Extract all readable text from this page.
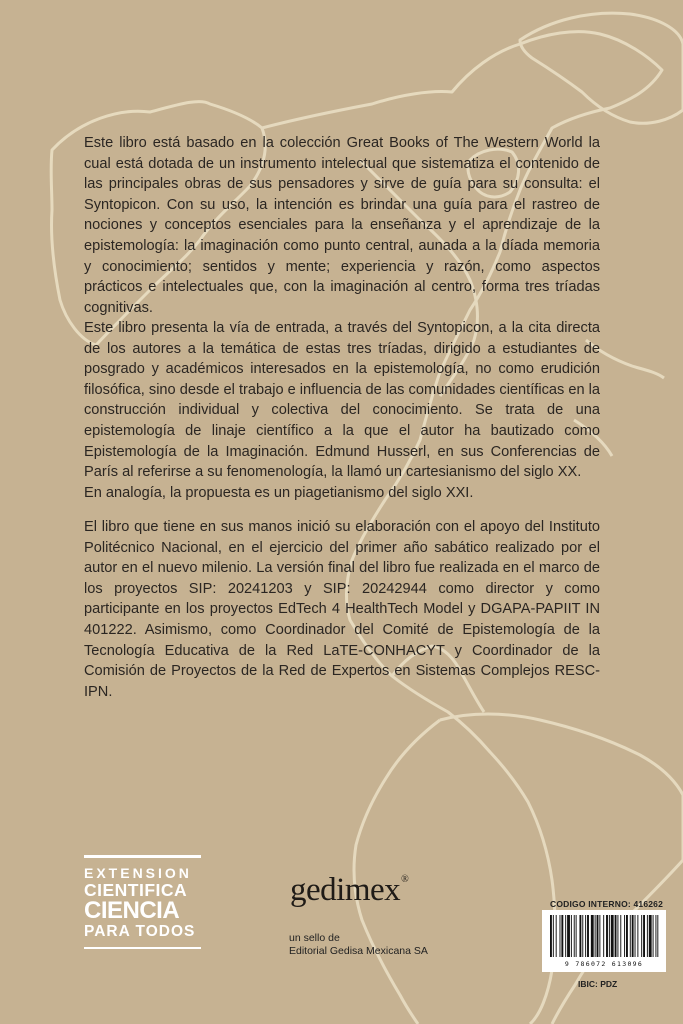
Este libro está basado en la colección Great Books of The Western World la cual está dotada de un instrumento intelectual que sistematiza el contenido de las principales obras de sus pensadores y sirve de guía para su consulta: el Syntopicon. Con su uso, la intención es brindar una guía para el rastreo de nociones y conceptos esenciales para la enseñanza y el aprendizaje de la epistemología: la imaginación como punto central, aunada a la díada memoria y conocimiento; sentidos y mente; experiencia y razón, como aspectos prácticos e intelectuales que, con la imaginación al centro, forma tres tríadas cognitivas.

Este libro presenta la vía de entrada, a través del Syntopicon, a la cita directa de los autores a la temática de estas tres tríadas, dirigido a estudiantes de posgrado y académicos interesados en la epistemología, no como erudición filosófica, sino desde el trabajo e influencia de las comunidades científicas en la construcción individual y colectiva del conocimiento. Se trata de una epistemología de linaje científico a la que el autor ha bautizado como Epistemología de la Imaginación. Edmund Husserl, en sus Conferencias de París al referirse a su fenomenología, la llamó un cartesianismo del siglo XX.

En analogía, la propuesta es un piagetianismo del siglo XXI.

El libro que tiene en sus manos inició su elaboración con el apoyo del Instituto Politécnico Nacional, en el ejercicio del primer año sabático realizado por el autor en el nuevo milenio. La versión final del libro fue realizada en el marco de los proyectos SIP: 20241203 y SIP: 20242944 como director y como participante en los proyectos EdTech 4 HealthTech Model y DGAPA-PAPIIT IN 401222. Asimismo, como Coordinador del Comité de Epistemología de la Tecnología Educativa de la Red LaTE-CONHACYT y Coordinador de la Comisión de Proyectos de la Red de Expertos en Sistemas Complejos RESC-IPN.

EXTENSION
CIENTIFICA
CIENCIA
PARA TODOS
gedimex®
un sello de
Editorial Gedisa Mexicana SA
CODIGO INTERNO: 416262
9 786072 613096
IBIC: PDZ
